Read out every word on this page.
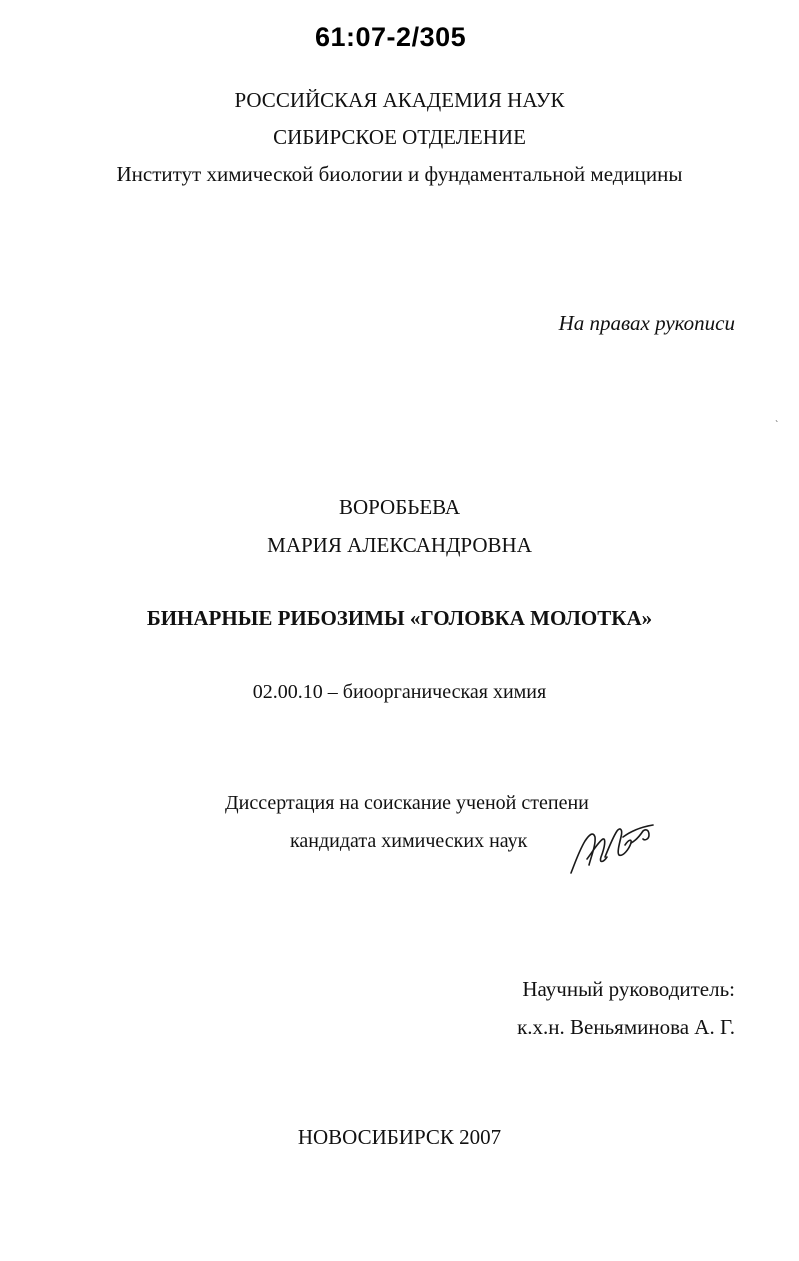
61:07-2/305

РОССИЙСКАЯ АКАДЕМИЯ НАУК

СИБИРСКОЕ ОТДЕЛЕНИЕ

Институт химической биологии и фундаментальной медицины

На правах рукописи

`

ВОРОБЬЕВА

МАРИЯ АЛЕКСАНДРОВНА

БИНАРНЫЕ РИБОЗИМЫ «ГОЛОВКА МОЛОТКА»

02.00.10 – биоорганическая химия

Диссертация на соискание ученой степени

кандидата химических наук

Научный руководитель:

к.х.н. Веньяминова А. Г.

НОВОСИБИРСК 2007
